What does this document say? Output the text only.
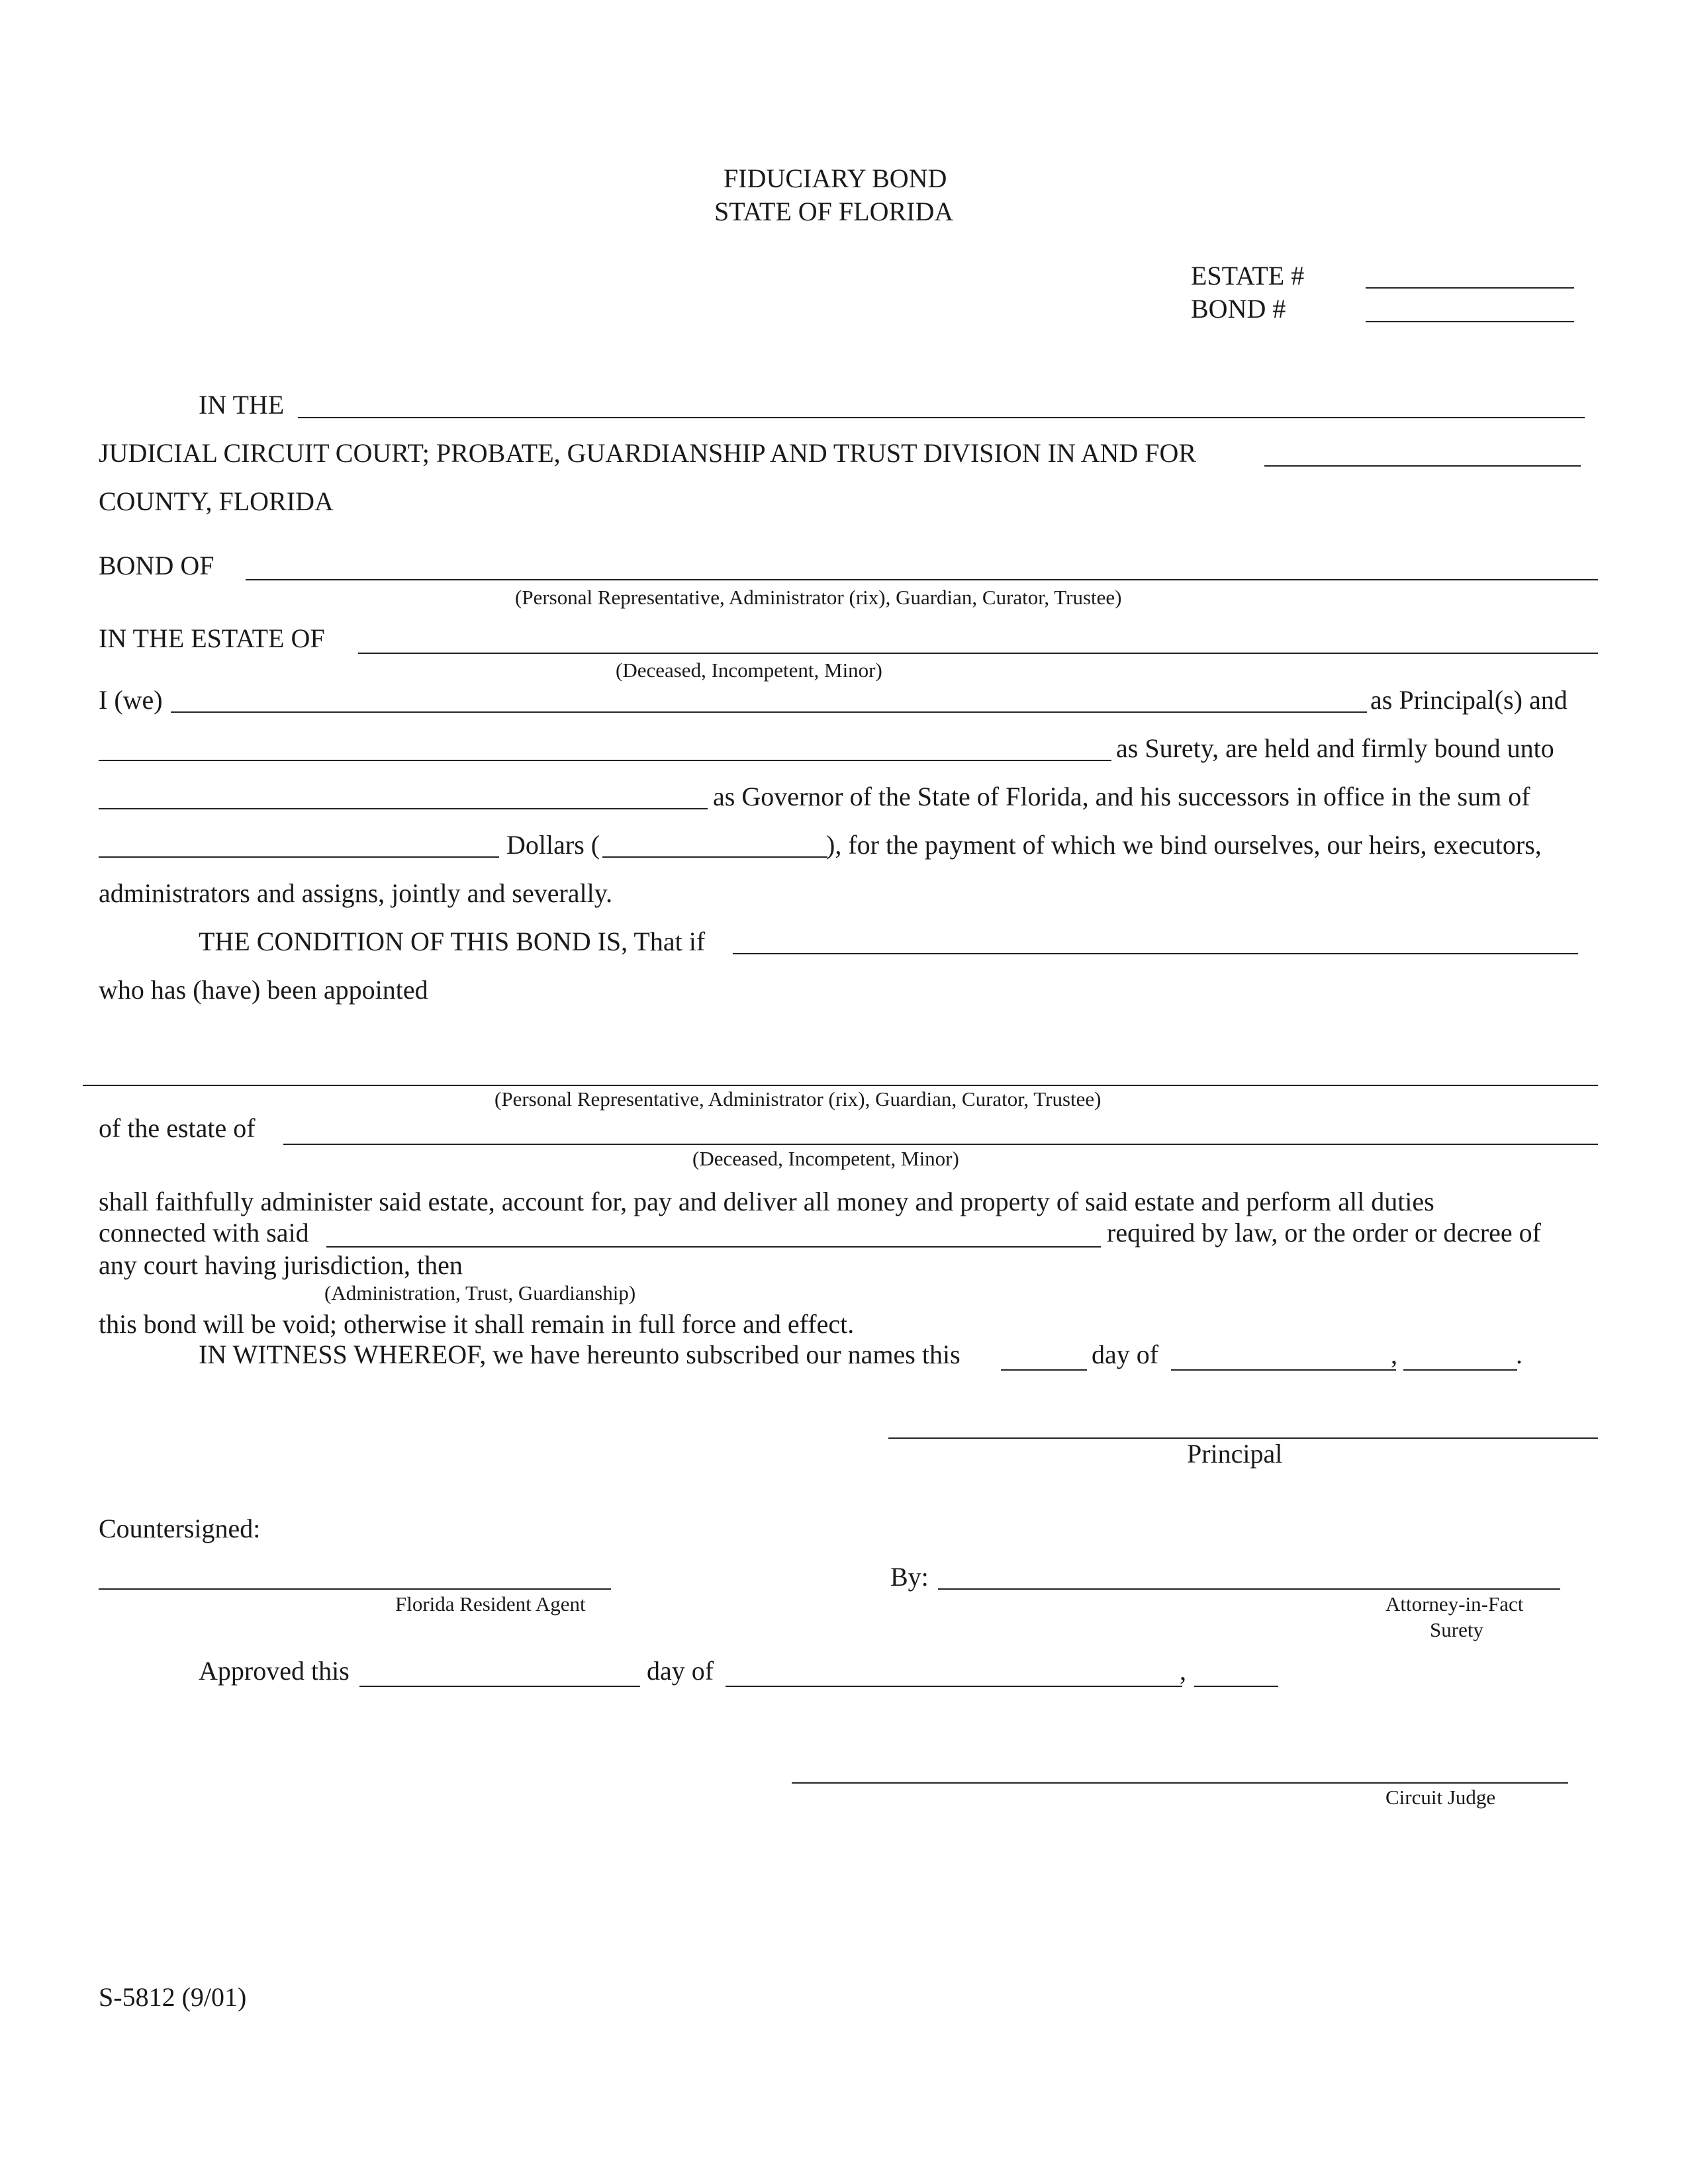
FIDUCIARY BOND
STATE OF FLORIDA
ESTATE #
BOND #
IN THE
JUDICIAL CIRCUIT COURT; PROBATE, GUARDIANSHIP AND TRUST DIVISION IN AND FOR
COUNTY, FLORIDA
BOND OF
(Personal Representative, Administrator (rix), Guardian, Curator, Trustee)
IN THE ESTATE OF
(Deceased, Incompetent, Minor)
I (we)	as Principal(s) and
as Surety, are held and firmly bound unto
as Governor of the State of Florida, and his successors in office in the sum of
Dollars (	), for the payment of which we bind ourselves, our heirs, executors,
administrators and assigns, jointly and severally.
THE CONDITION OF THIS BOND IS, That if
who has (have) been appointed
(Personal Representative, Administrator (rix), Guardian, Curator, Trustee)
of the estate of
(Deceased, Incompetent, Minor)
shall faithfully administer said estate, account for, pay and deliver all money and property of said estate and perform all duties
connected with said	required by law, or the order or decree of
any court having jurisdiction, then
(Administration, Trust, Guardianship)
this bond will be void; otherwise it shall remain in full force and effect.
IN WITNESS WHEREOF, we have hereunto subscribed our names this	day of	,	.
Principal
Countersigned:
Florida Resident Agent
By:
Attorney-in-Fact
Surety
Approved this	day of	,
Circuit Judge
S-5812 (9/01)
